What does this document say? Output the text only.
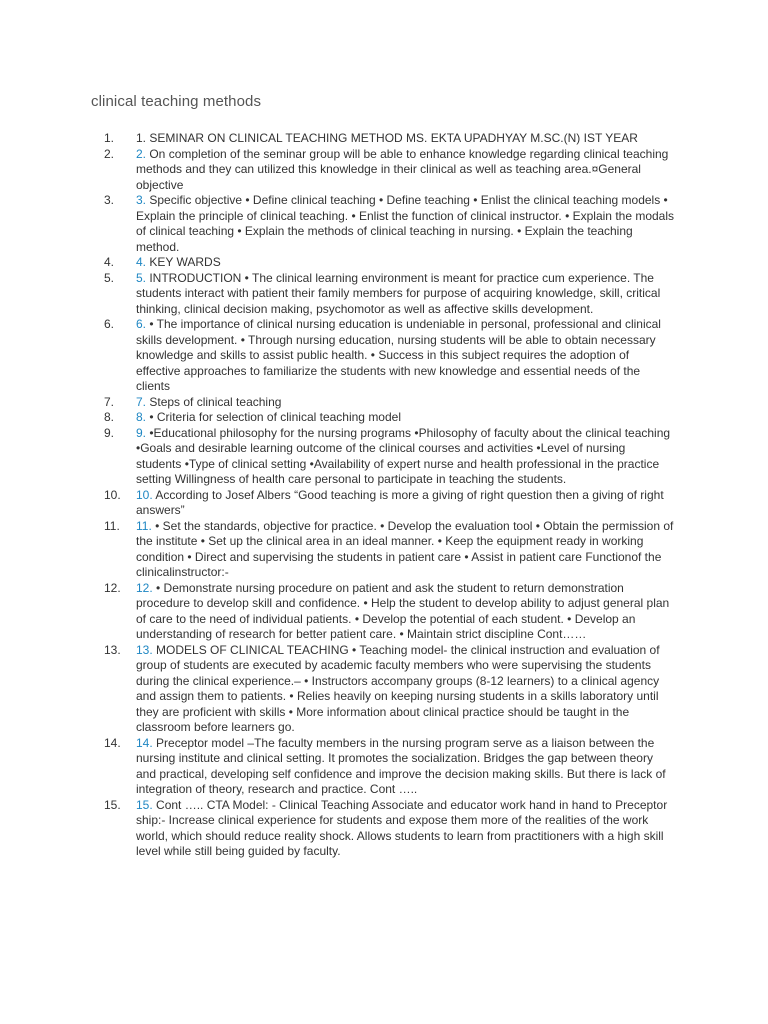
clinical teaching methods
1.	1. SEMINAR ON CLINICAL TEACHING METHOD MS. EKTA UPADHYAY M.SC.(N) IST YEAR
2.	2. On completion of the seminar group will be able to enhance knowledge regarding clinical teaching methods and they can utilized this knowledge in their clinical as well as teaching area.¤General objective
3.	3. Specific objective • Define clinical teaching • Define teaching • Enlist the clinical teaching models • Explain the principle of clinical teaching. • Enlist the function of clinical instructor. • Explain the modals of clinical teaching • Explain the methods of clinical teaching in nursing. • Explain the teaching method.
4.	4. KEY WARDS
5.	5. INTRODUCTION • The clinical learning environment is meant for practice cum experience. The students interact with patient their family members for purpose of acquiring knowledge, skill, critical thinking, clinical decision making, psychomotor as well as affective skills development.
6.	6. • The importance of clinical nursing education is undeniable in personal, professional and clinical skills development. • Through nursing education, nursing students will be able to obtain necessary knowledge and skills to assist public health. • Success in this subject requires the adoption of effective approaches to familiarize the students with new knowledge and essential needs of the clients
7.	7. Steps of clinical teaching
8.	8. • Criteria for selection of clinical teaching model
9.	9. •Educational philosophy for the nursing programs •Philosophy of faculty about the clinical teaching •Goals and desirable learning outcome of the clinical courses and activities •Level of nursing students •Type of clinical setting •Availability of expert nurse and health professional in the practice setting Willingness of health care personal to participate in teaching the students.
10.	10. According to Josef Albers “Good teaching is more a giving of right question then a giving of right answers”
11.	11. • Set the standards, objective for practice. • Develop the evaluation tool • Obtain the permission of the institute • Set up the clinical area in an ideal manner. • Keep the equipment ready in working condition • Direct and supervising the students in patient care • Assist in patient care Functionof the clinicalinstructor:-
12.	12. • Demonstrate nursing procedure on patient and ask the student to return demonstration procedure to develop skill and confidence. • Help the student to develop ability to adjust general plan of care to the need of individual patients. • Develop the potential of each student. • Develop an understanding of research for better patient care. • Maintain strict discipline Cont……
13.	13. MODELS OF CLINICAL TEACHING • Teaching model- the clinical instruction and evaluation of group of students are executed by academic faculty members who were supervising the students during the clinical experience.– • Instructors accompany groups (8-12 learners) to a clinical agency and assign them to patients. • Relies heavily on keeping nursing students in a skills laboratory until they are proficient with skills • More information about clinical practice should be taught in the classroom before learners go.
14.	14. Preceptor model –The faculty members in the nursing program serve as a liaison between the nursing institute and clinical setting. It promotes the socialization. Bridges the gap between theory and practical, developing self confidence and improve the decision making skills. But there is lack of integration of theory, research and practice. Cont …..
15.	15. Cont ….. CTA Model: - Clinical Teaching Associate and educator work hand in hand to Preceptor ship:- Increase clinical experience for students and expose them more of the realities of the work world, which should reduce reality shock. Allows students to learn from practitioners with a high skill level while still being guided by faculty.
